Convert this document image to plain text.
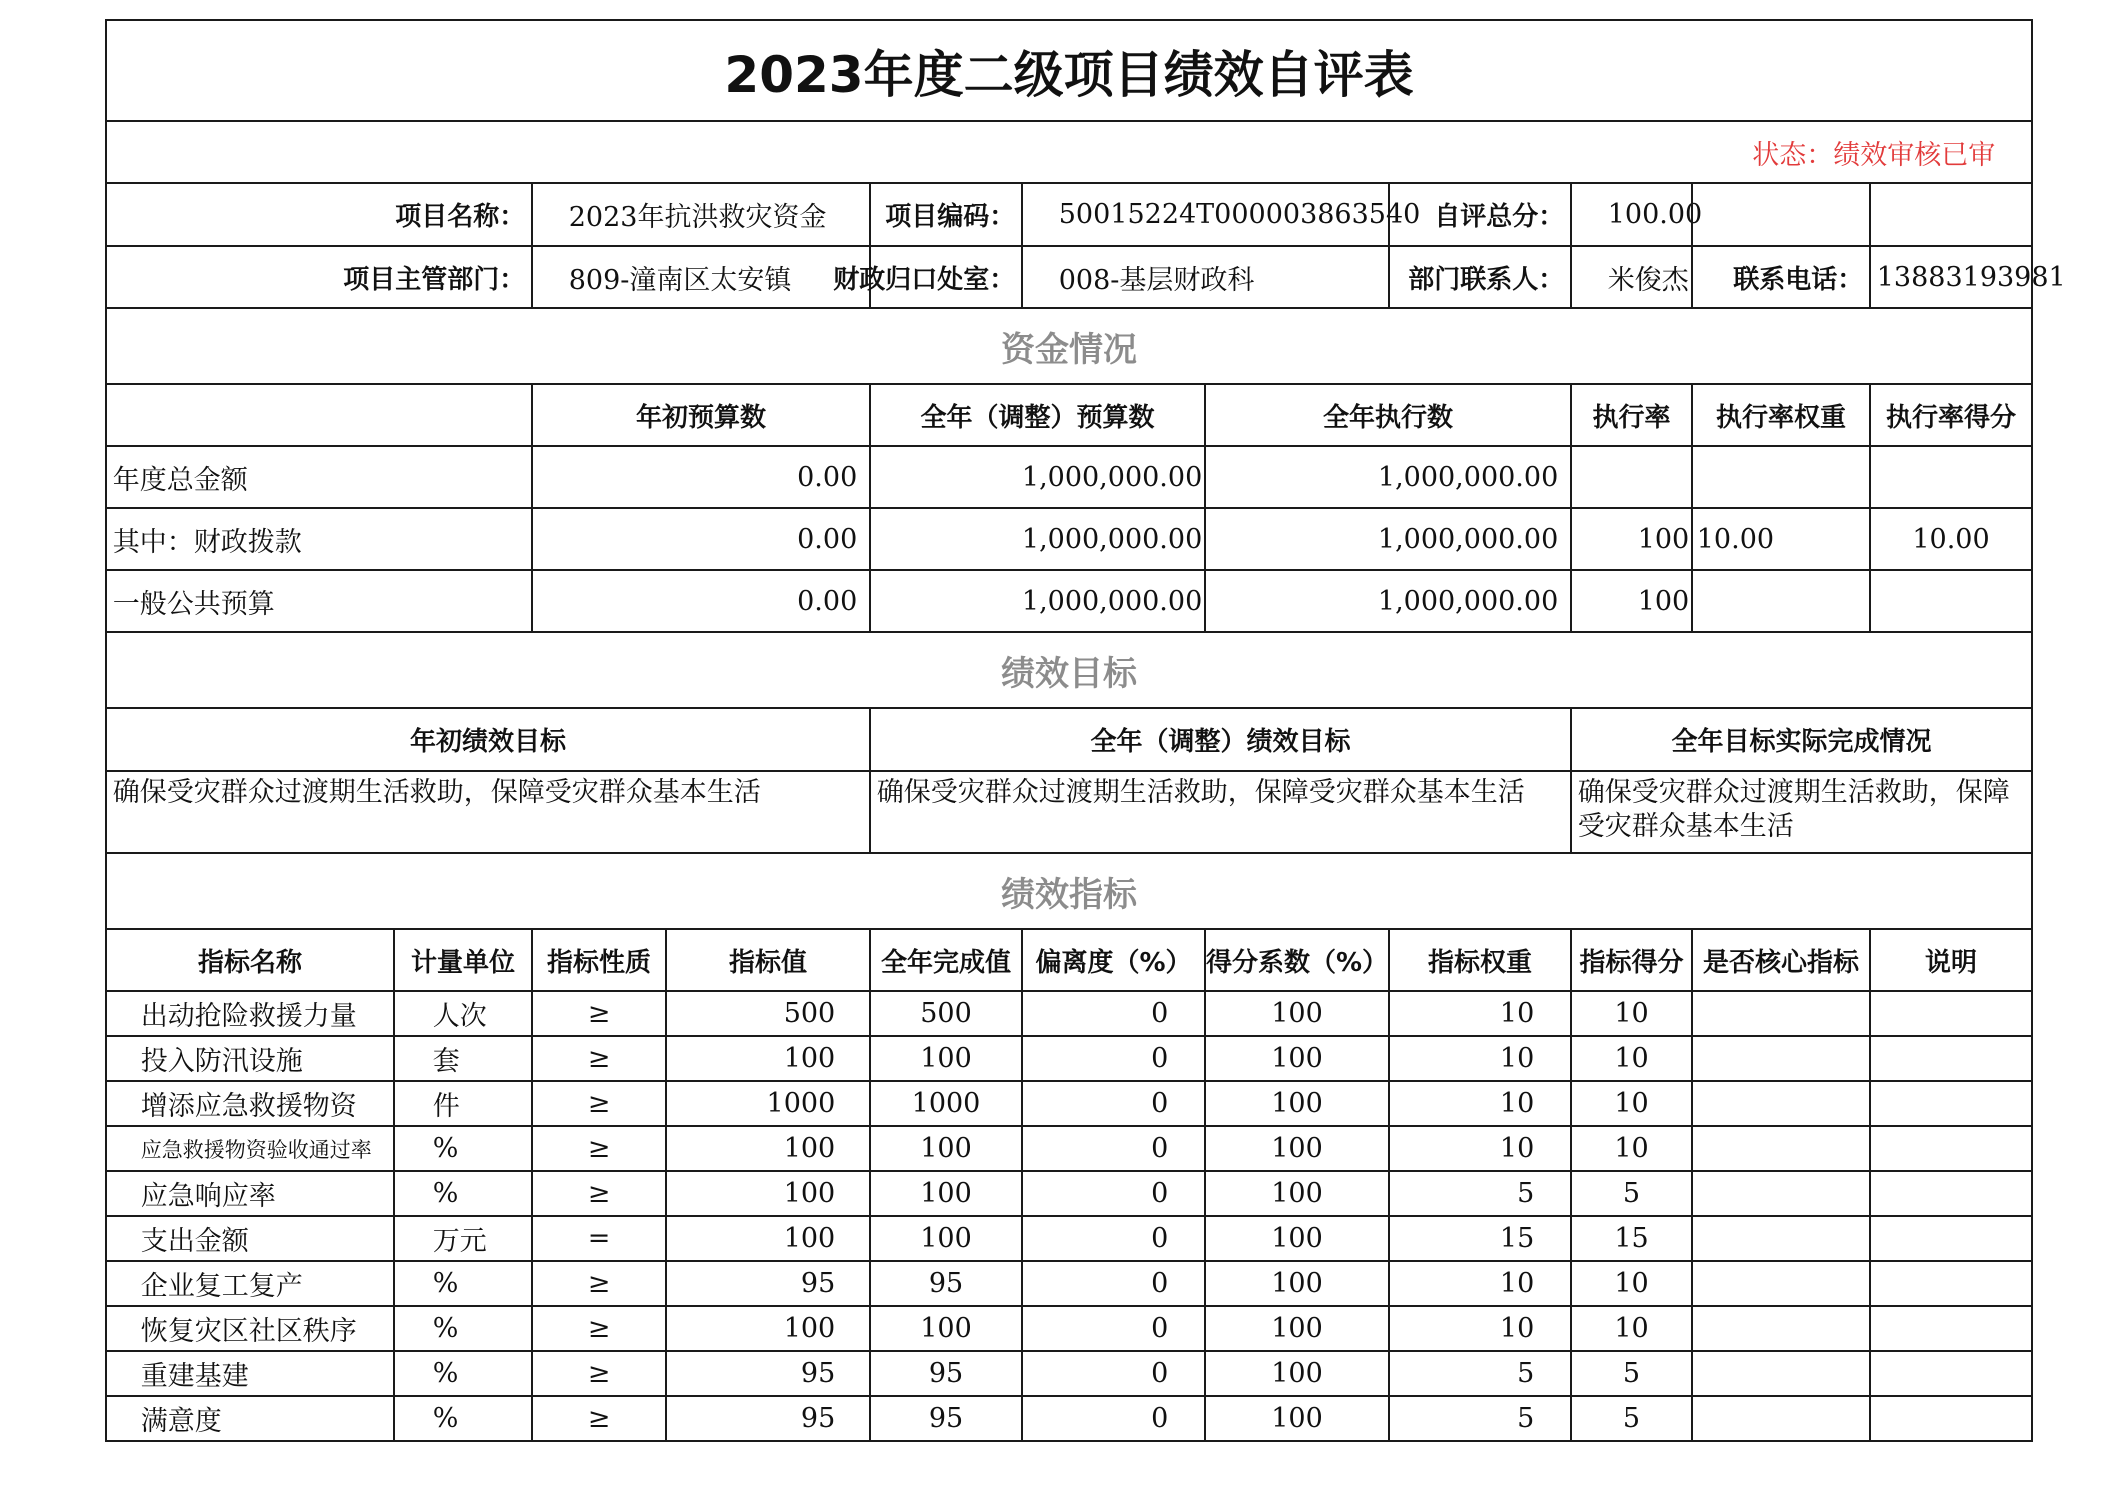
2023年度二级项目绩效自评表
状态：绩效审核已审
项目名称：	2023年抗洪救灾资金	项目编码：	50015224T000003863540 自评总分：	100.00
项目主管部门：	809-潼南区太安镇	财政归口处室：	008-基层财政科	部门联系人：	米俊杰	联系电话： 13883193981
资金情况
年初预算数	全年（调整）预算数	全年执行数	执行率	执行率权重	执行率得分
年度总金额	0.00	1,000,000.00	1,000,000.00
其中：财政拨款	0.00	1,000,000.00	1,000,000.00	100 10.00	10.00
一般公共预算	0.00	1,000,000.00	1,000,000.00	100
绩效目标
年初绩效目标	全年（调整）绩效目标	全年目标实际完成情况
确保受灾群众过渡期生活救助，保障受灾群众基本生活	确保受灾群众过渡期生活救助，保障受灾群众基本生活	确保受灾群众过渡期生活救助，保障受灾群众基本生活
绩效指标
指标名称	计量单位	指标性质	指标值	全年完成值 偏离度（%） 得分系数（%）	指标权重	指标得分 是否核心指标	说明
出动抢险救援力量	人次	≥	500	500	0	100	10	10
投入防汛设施	套	≥	100	100	0	100	10	10
增添应急救援物资	件	≥	1000	1000	0	100	10	10
应急救援物资验收通过率	%	≥	100	100	0	100	10	10
应急响应率	%	≥	100	100	0	100	5	5
支出金额	万元	=	100	100	0	100	15	15
企业复工复产	%	≥	95	95	0	100	10	10
恢复灾区社区秩序	%	≥	100	100	0	100	10	10
重建基建	%	≥	95	95	0	100	5	5
满意度	%	≥	95	95	0	100	5	5
